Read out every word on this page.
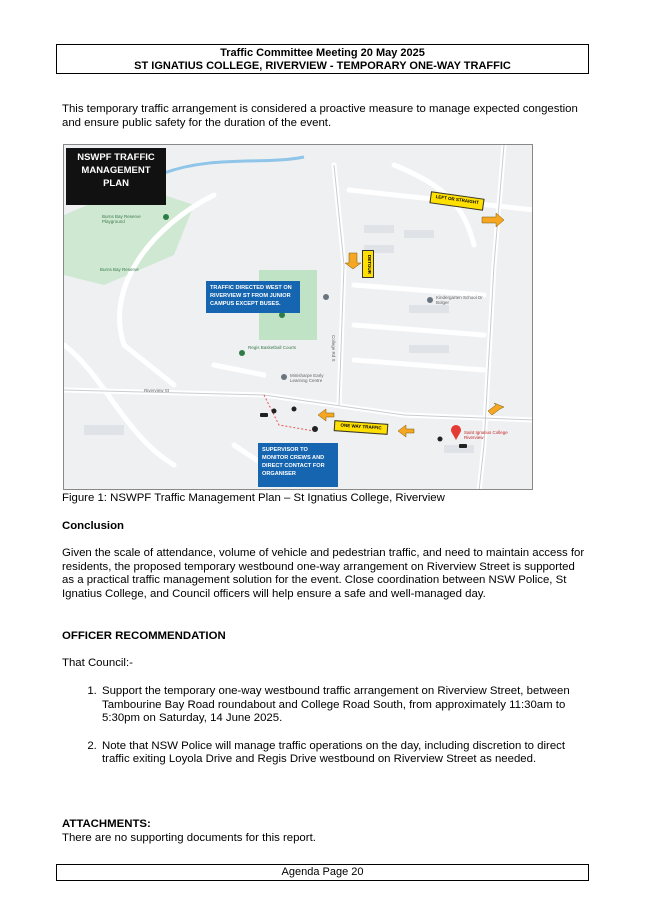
Traffic Committee Meeting 20 May 2025
ST IGNATIUS COLLEGE, RIVERVIEW - TEMPORARY ONE-WAY TRAFFIC
This temporary traffic arrangement is considered a proactive measure to manage expected congestion and ensure public safety for the duration of the event.
NSWPF TRAFFIC
MANAGEMENT
PLAN
TRAFFIC DIRECTED WEST ON RIVERVIEW ST FROM JUNIOR CAMPUS EXCEPT BUSES.
SUPERVISOR TO MONITOR CREWS AND DIRECT CONTACT FOR ORGANISER
LEFT OR STRAIGHT
DETOUR
ONE WAY TRAFFIC
Burns Bay Reserve Playground
Burns Bay Reserve
Regis Basketball Courts
Minisharpe Early Learning Centre
Saint Ignatius College Riverview
Kindergarten School Dr Bolger
Riverview St
College Rd S
Figure 1: NSWPF Traffic Management Plan – St Ignatius College, Riverview
Conclusion
Given the scale of attendance, volume of vehicle and pedestrian traffic, and need to maintain access for residents, the proposed temporary westbound one-way arrangement on Riverview Street is supported as a practical traffic management solution for the event. Close coordination between NSW Police, St Ignatius College, and Council officers will help ensure a safe and well-managed day.
OFFICER RECOMMENDATION
That Council:-
1. Support the temporary one-way westbound traffic arrangement on Riverview Street, between Tambourine Bay Road roundabout and College Road South, from approximately 11:30am to 5:30pm on Saturday, 14 June 2025.
2. Note that NSW Police will manage traffic operations on the day, including discretion to direct traffic exiting Loyola Drive and Regis Drive westbound on Riverview Street as needed.
ATTACHMENTS:
There are no supporting documents for this report.
Agenda Page 20
